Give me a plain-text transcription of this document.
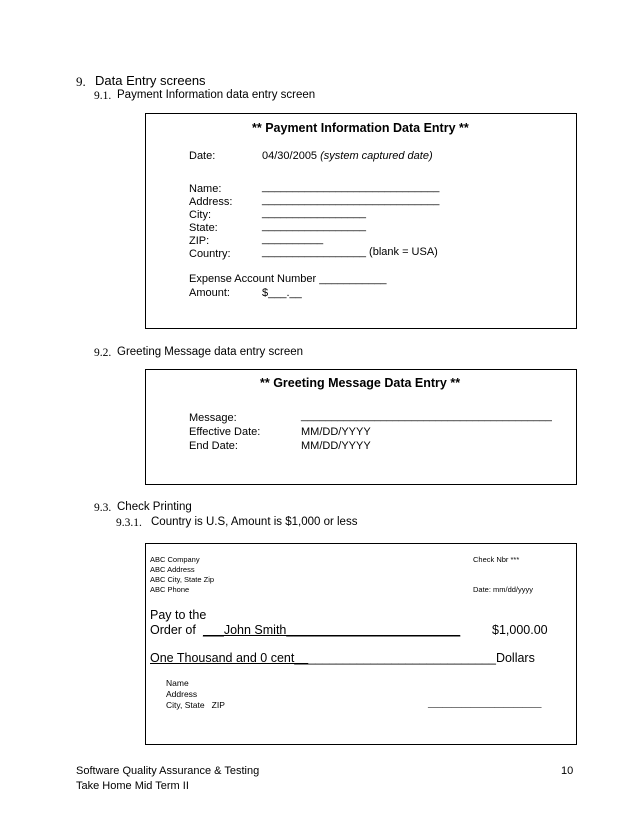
9. Data Entry screens
9.1. Payment Information data entry screen
** Payment Information Data Entry **
Date:	04/30/2005 (system captured date)
Name:	_____________________________
Address:	_____________________________
City:	_________________
State:	_________________
ZIP:	__________
Country:	_________________ (blank = USA)
Expense Account Number ___________
Amount:	$___.__
9.2. Greeting Message data entry screen
** Greeting Message Data Entry **
Message:	_________________________________________
Effective Date:	MM/DD/YYYY
End Date:	MM/DD/YYYY
9.3. Check Printing
9.3.1. Country is U.S, Amount is $1,000 or less
ABC Company
ABC Address
ABC City, State Zip
ABC Phone
Check Nbr ***
Date: mm/dd/yyyy
Pay to the
Order of ___John Smith_________________________	$1,000.00
One Thousand and 0 cent_____________________________Dollars
Name
Address
City, State   ZIP	________________________
Software Quality Assurance & Testing
Take Home Mid Term II
10
